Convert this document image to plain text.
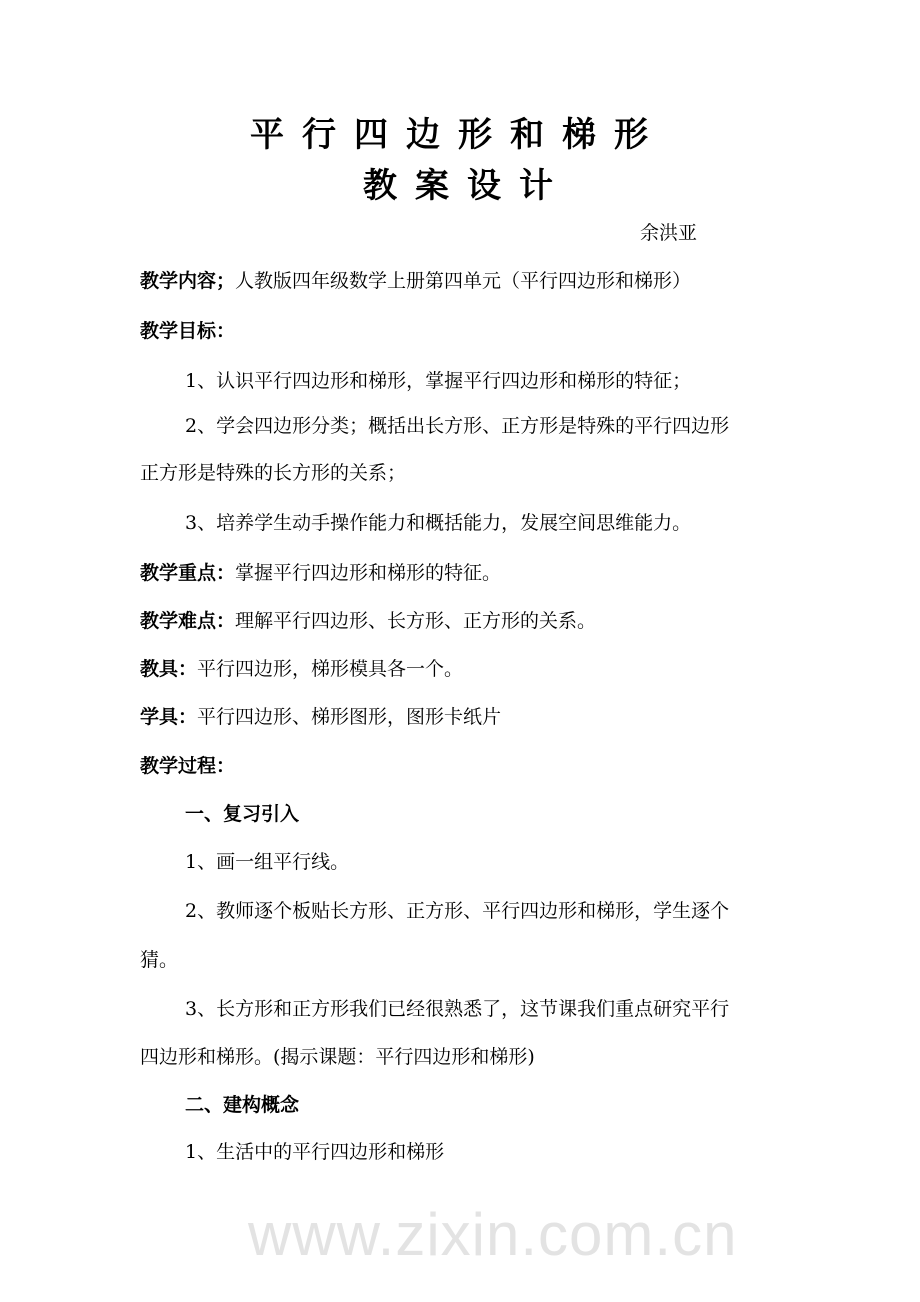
www.zixin.com.cn
平行四边形和梯形
教案设计
余洪亚
教学内容；人教版四年级数学上册第四单元（平行四边形和梯形）
教学目标：
1、认识平行四边形和梯形，掌握平行四边形和梯形的特征；
2、学会四边形分类；概括出长方形、正方形是特殊的平行四边形
正方形是特殊的长方形的关系；
3、培养学生动手操作能力和概括能力，发展空间思维能力。
教学重点：掌握平行四边形和梯形的特征。
教学难点：理解平行四边形、长方形、正方形的关系。
教具：平行四边形，梯形模具各一个。
学具：平行四边形、梯形图形，图形卡纸片
教学过程：
一、复习引入
1、画一组平行线。
2、教师逐个板贴长方形、正方形、平行四边形和梯形，学生逐个
猜。
3、长方形和正方形我们已经很熟悉了，这节课我们重点研究平行
四边形和梯形。(揭示课题：平行四边形和梯形)
二、建构概念
1、生活中的平行四边形和梯形
